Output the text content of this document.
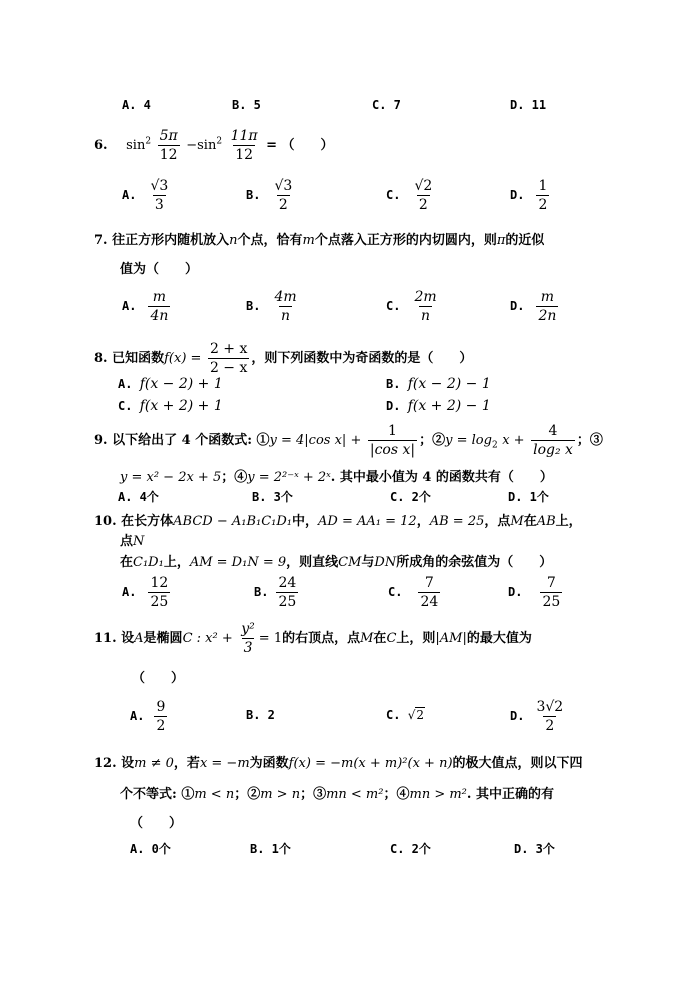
A. 4	B. 5	C. 7	D. 11
6. $\sin^2 \frac{5\pi}{12} -\sin^2 \frac{11\pi}{12}$ = （　　）
A. $\frac{√3}{3}$	B. $\frac{√3}{2}$	C. $\frac{√2}{2}$	D. $\frac{1}{2}$
7. 往正方形内随机放入n个点，恰有m个点落入正方形的内切圆内，则π的近似
值为（　　）
A. $\frac{m}{4n}$	B. $\frac{4m}{n}$	C. $\frac{2m}{n}$	D. $\frac{m}{2n}$
8. 已知函数$f(x) = \frac{2 + x}{2 - x}$ ，则下列函数中为奇函数的是（　　）
A. f(x − 2) + 1	B. f(x − 2) − 1
C. f(x + 2) + 1	D. f(x + 2) − 1
9. 以下给出了 4 个函数式: ①y = 4|cos $x| + \frac{1}{\text{|cos x|}}$ ；②y = $\log_2 x + \frac{4}{\text{log₂ x}}$ ；③
y = x² − 2x + 5；④y = 2²⁻ˣ + 2ˣ. 其中最小值为 4 的函数共有（　　）
A. 4个	B. 3个	C. 2个	D. 1个
10. 在长方体ABCD − A₁B₁C₁D₁中，AD = AA₁ = 12，AB = 25，点M在AB上，
点N
在C₁D₁上，AM = D₁N = 9，则直线CM与DN所成角的余弦值为（　　）
A. $\frac{12}{25}$	B. $\frac{24}{25}$	C. $\frac{7}{24}$	D. $\frac{7}{25}$
11. 设A是椭圆C : $x^2 + \frac{\text{y²}}{3} = 1$的右顶点，点M在C上，则|AM|的最大值为
（　　）
A. $\frac{9}{2}$	B. 2	C. √2	D. $\frac{3√2}{2}$
12. 设m ≠ 0，若x = −m为函数f(x) = −m(x + m)²(x + n)的极大值点，则以下四
个不等式: ①m < n；②m > n；③mn < m²；④mn > m². 其中正确的有
（　　）
A. 0个	B. 1个	C. 2个	D. 3个
